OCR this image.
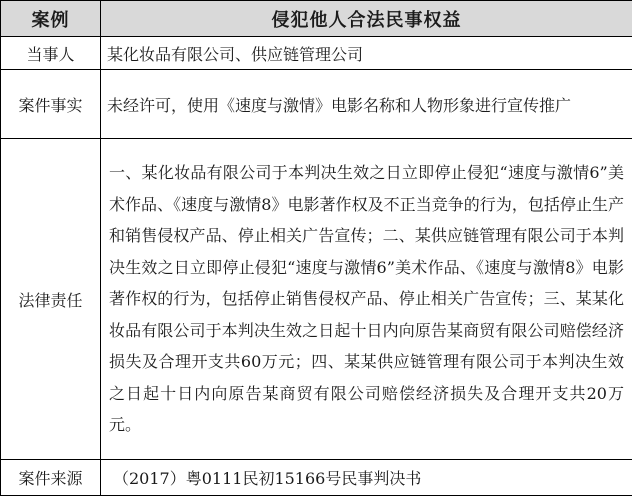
案例	侵犯他人合法民事权益
当事人	某化妆品有限公司、供应链管理公司
案件事实	未经许可，使用《速度与激情》电影名称和人物形象进行宣传推广
法律责任	一、某化妆品有限公司于本判决生效之日立即停止侵犯“速度与激情6”美术作品、《速度与激情8》电影著作权及不正当竞争的行为，包括停止生产和销售侵权产品、停止相关广告宣传；二、某供应链管理有限公司于本判决生效之日立即停止侵犯“速度与激情6”美术作品、《速度与激情8》电影著作权的行为，包括停止销售侵权产品、停止相关广告宣传；三、某某化妆品有限公司于本判决生效之日起十日内向原告某商贸有限公司赔偿经济损失及合理开支共60万元；四、某某供应链管理有限公司于本判决生效之日起十日内向原告某商贸有限公司赔偿经济损失及合理开支共20万元。
案件来源	（2017）粤0111民初15166号民事判决书
